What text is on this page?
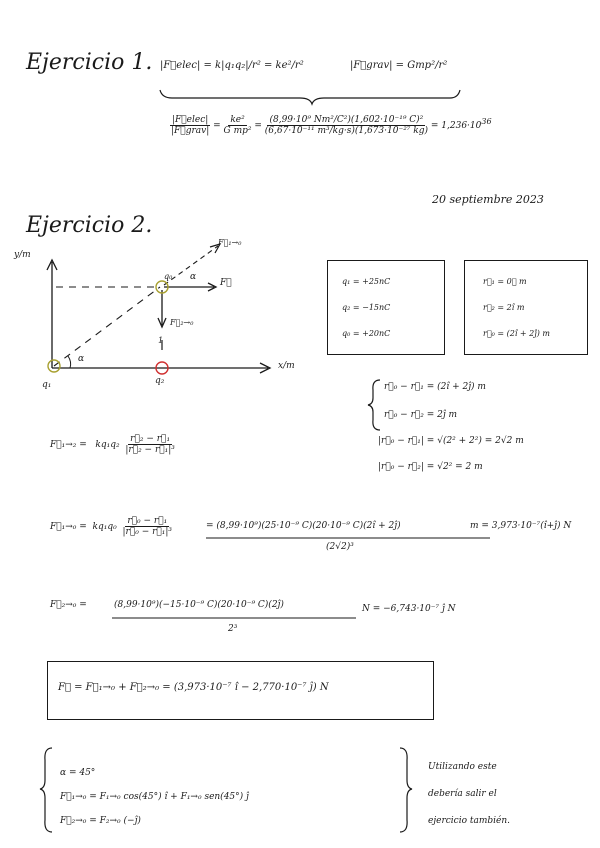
Ejercicio 1. |F⃗elec| = k|q₁q₂|/r² = ke²/r²	|F⃗grav| = Gmp²/r²
$\frac{\text{|F⃗elec|}}{\text{|F⃗grav|}} = \frac{\text{ke²}}{\text{G mp²}} = \frac{\text{(8,99·10⁹ Nm²/C²)(1,602·10⁻¹⁹ C)²}}{\text{(6,67·10⁻¹¹ m³/kg·s)(1,673·10⁻²⁷ kg)}} = 1,236\cdot 10^{36}$
20 septiembre 2023
Ejercicio 2.
y/m
x/m
q₁	q₂
q₀
α
α
F⃗₁→₀
F⃗
F⃗₂→₀
1
q₁ = +25nC
q₂ = −15nC
q₀ = +20nC
r⃗₁ = 0⃗ m
r⃗₂ = 2î m
r⃗₀ = (2î + 2ĵ) m
r⃗₀ − r⃗₁ = (2î + 2ĵ) m
r⃗₀ − r⃗₂ = 2ĵ m
|r⃗₀ − r⃗₁| = √(2² + 2²) = 2√2 m
|r⃗₀ − r⃗₂| = √2² = 2 m
F⃗₁→₂ = $kq_1q_2 \frac{\text{r⃗₂ − r⃗₁}}{\text{|r⃗₂ − r⃗₁|³}}$
F⃗₁→₀ = $kq_1q_0 \frac{\text{r⃗₀ − r⃗₁}}{\text{|r⃗₀ − r⃗₁|³}}$	= (8,99·10⁹)(25·10⁻⁹ C)(20·10⁻⁹ C)(2î + 2ĵ)
(2√2)³
m = 3,973·10⁻⁷(î+ĵ) N
F⃗₂→₀ =	(8,99·10⁹)(−15·10⁻⁹ C)(20·10⁻⁹ C)(2ĵ)
2³
N = −6,743·10⁻⁷ ĵ N
F⃗ = F⃗₁→₀ + F⃗₂→₀ = (3,973·10⁻⁷ î − 2,770·10⁻⁷ ĵ) N
α = 45°
F⃗₁→₀ = F₁→₀ cos(45°) î + F₁→₀ sen(45°) ĵ
F⃗₂→₀ = F₂→₀ (−ĵ)
Utilizando este
debería salir el
ejercicio también.
